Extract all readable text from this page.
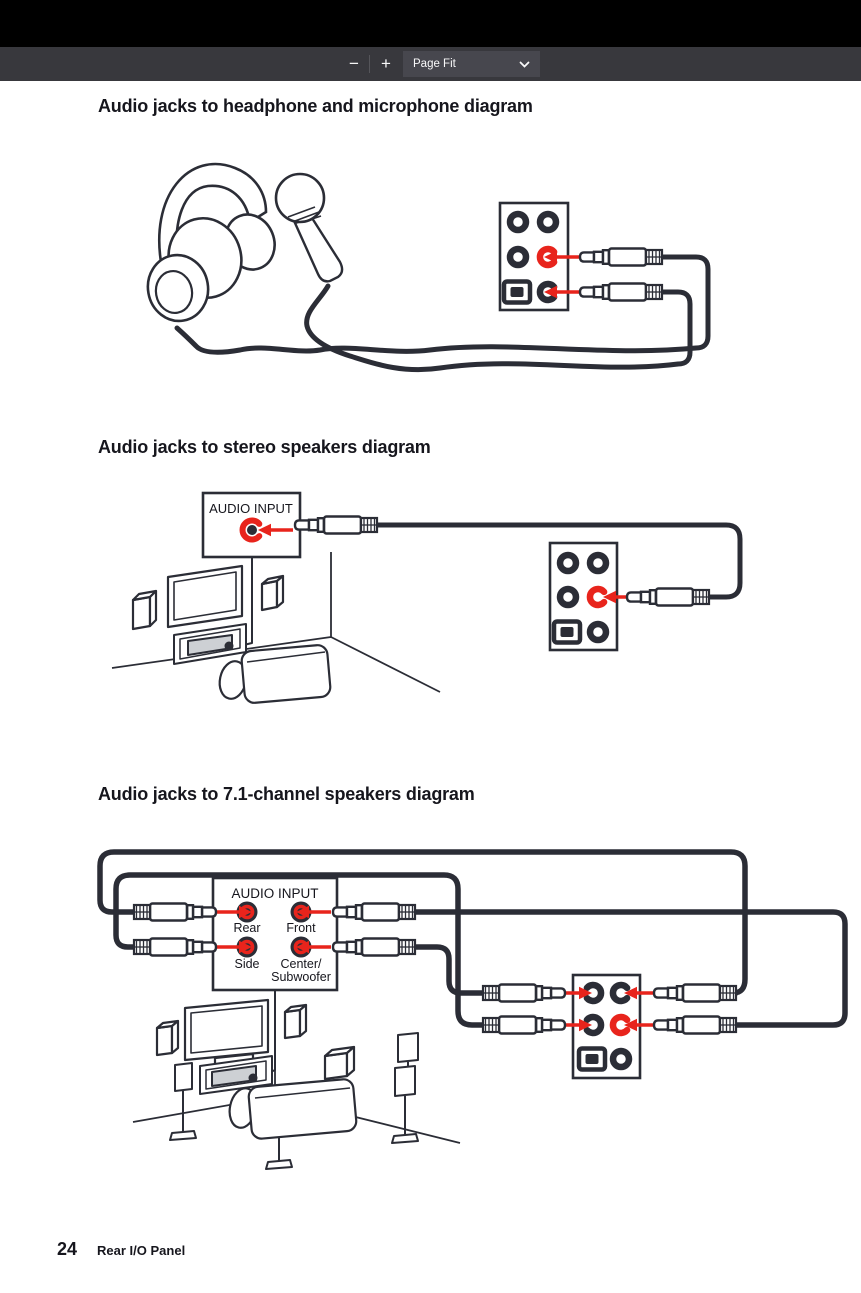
−	+	Page Fit
Audio jacks to headphone and microphone diagram
Audio jacks to stereo speakers diagram
Audio jacks to 7.1-channel speakers diagram
AUDIO INPUT
AUDIO INPUT
Rear Front
Side Center/
Subwoofer
24 Rear I/O Panel
